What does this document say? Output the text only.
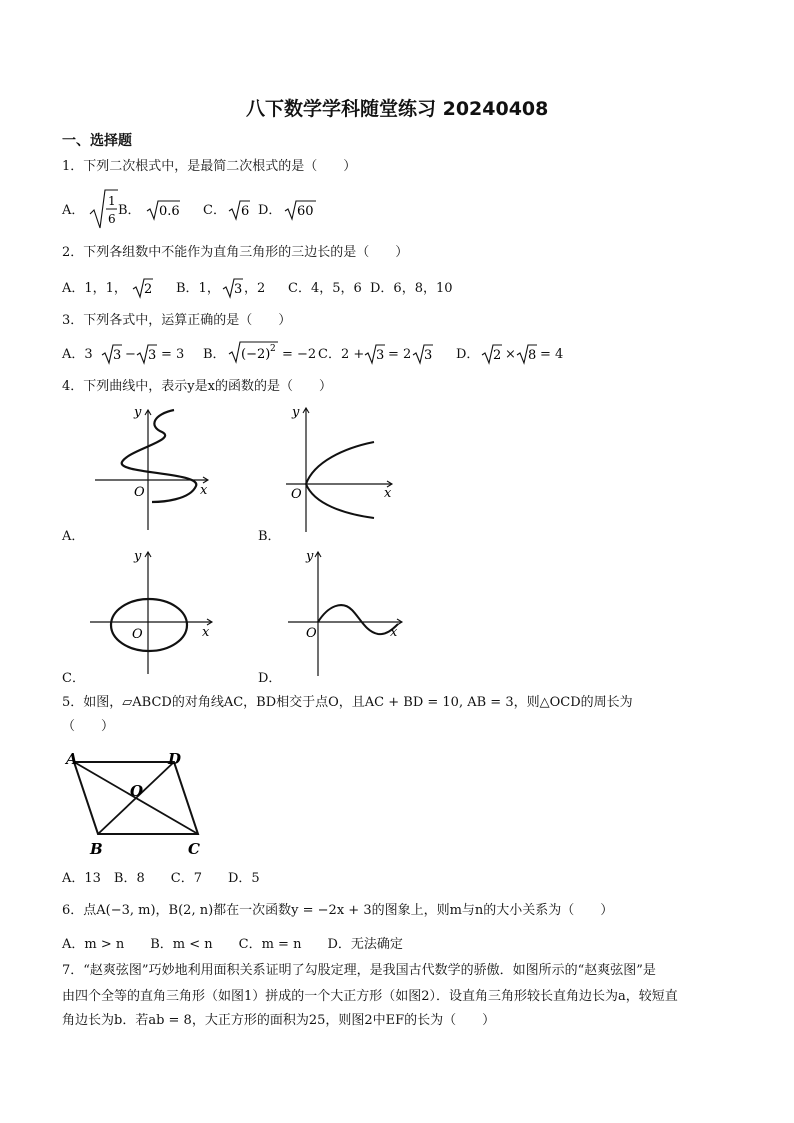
八下数学学科随堂练习 20240408
一、选择题
1．下列二次根式中，是最简二次根式的是（　　）
A．
1
6
B． 0.6 C． 6 D． 60
2．下列各组数中不能作为直角三角形的三边长的是（　　）
A．1，1， 2 B．1， 3 ，2 C．4，5，6 D．6，8，10
3．下列各式中，运算正确的是（　　）
A．3 3 − 3 = 3 B． (−2) 2 = −2 C．2 + 3 = 2 3 D． 2 × 8 = 4
4．下列曲线中，表示y是x的函数的是（　　）
x
y
O
A．
x
y
O
B．
x
y
O
C．
x
y
O
D．
5．如图，▱ABCD的对角线AC，BD相交于点O，且AC + BD = 10, AB = 3，则△OCD的周长为
（　　）
A	D
B	C
O
A．13　B．8　　C．7　　D．5
6．点A(−3, m)，B(2, n)都在一次函数y = −2x + 3的图象上，则m与n的大小关系为（　　）
A．m > n　　B．m < n　　C．m = n　　D．无法确定
7．“赵爽弦图”巧妙地利用面积关系证明了勾股定理，是我国古代数学的骄傲．如图所示的“赵爽弦图”是
由四个全等的直角三角形（如图1）拼成的一个大正方形（如图2）．设直角三角形较长直角边长为a，较短直
角边长为b．若ab = 8，大正方形的面积为25，则图2中EF的长为（　　）
